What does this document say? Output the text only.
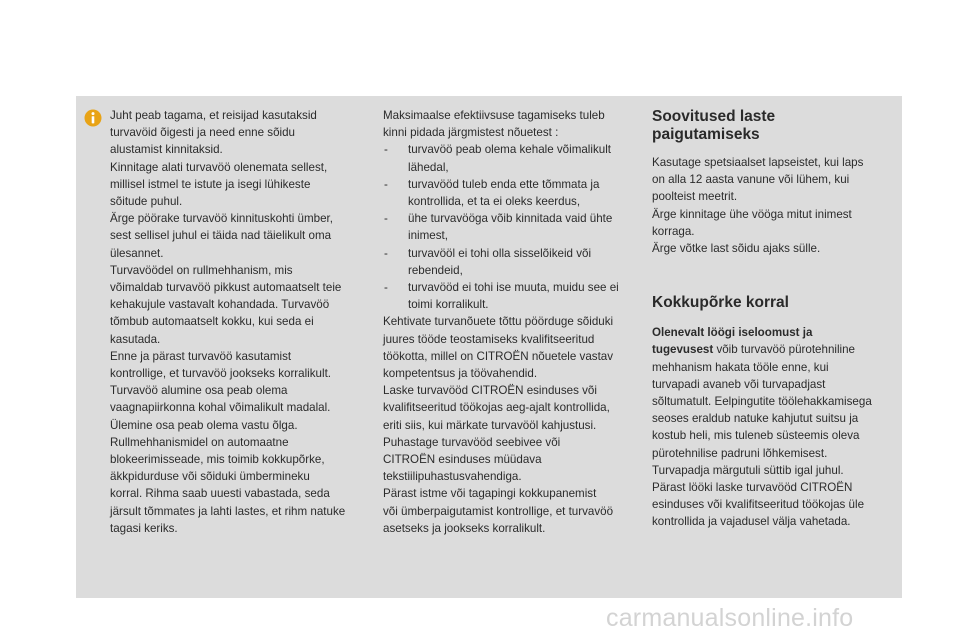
Juht peab tagama, et reisijad kasutaksid

turvavöid õigesti ja need enne sõidu

alustamist kinnitaksid.

Kinnitage alati turvavöö olenemata sellest,

millisel istmel te istute ja isegi lühikeste

sõitude puhul.

Ärge pöörake turvavöö kinnituskohti ümber,

sest sellisel juhul ei täida nad täielikult oma

ülesannet.

Turvavöödel on rullmehhanism, mis

võimaldab turvavöö pikkust automaatselt teie

kehakujule vastavalt kohandada. Turvavöö

tõmbub automaatselt kokku, kui seda ei

kasutada.

Enne ja pärast turvavöö kasutamist

kontrollige, et turvavöö jookseks korralikult.

Turvavöö alumine osa peab olema

vaagnapiirkonna kohal võimalikult madalal.

Ülemine osa peab olema vastu õlga.

Rullmehhanismidel on automaatne

blokeerimisseade, mis toimib kokkupõrke,

äkkpidurduse või sõiduki ümbermineku

korral. Rihma saab uuesti vabastada, seda

järsult tõmmates ja lahti lastes, et rihm natuke

tagasi keriks.

Maksimaalse efektiivsuse tagamiseks tuleb

kinni pidada järgmistest nõuetest :

- turvavöö peab olema kehale võimalikult
lähedal,
- turvavööd tuleb enda ette tõmmata ja
kontrollida, et ta ei oleks keerdus,
- ühe turvavööga võib kinnitada vaid ühte
inimest,
- turvavööl ei tohi olla sisselõikeid või
rebendeid,
- turvavööd ei tohi ise muuta, muidu see ei
toimi korralikult.

Kehtivate turvanõuete tõttu pöörduge sõiduki

juures tööde teostamiseks kvalifitseeritud

töökotta, millel on CITROËN nõuetele vastav

kompetentsus ja töövahendid.

Laske turvavööd CITROËN esinduses või

kvalifitseeritud töökojas aeg-ajalt kontrollida,

eriti siis, kui märkate turvavööl kahjustusi.

Puhastage turvavööd seebivee või

CITROËN esinduses müüdava

tekstiilipuhastusvahendiga.

Pärast istme või tagapingi kokkupanemist

või ümberpaigutamist kontrollige, et turvavöö

asetseks ja jookseks korralikult.

Soovitused laste
paigutamiseks

Kasutage spetsiaalset lapseistet, kui laps

on alla 12 aasta vanune või lühem, kui

poolteist meetrit.

Ärge kinnitage ühe vööga mitut inimest

korraga.

Ärge võtke last sõidu ajaks sülle.

Kokkupõrke korral

Olenevalt löögi iseloomust ja

tugevusest võib turvavöö pürotehniline

mehhanism hakata tööle enne, kui

turvapadi avaneb või turvapadjast

sõltumatult. Eelpingutite töölehakkamisega

seoses eraldub natuke kahjutut suitsu ja

kostub heli, mis tuleneb süsteemis oleva

pürotehnilise padruni lõhkemisest.

Turvapadja märgutuli süttib igal juhul.

Pärast lööki laske turvavööd CITROËN

esinduses või kvalifitseeritud töökojas üle

kontrollida ja vajadusel välja vahetada.

carmanualsonline.info
